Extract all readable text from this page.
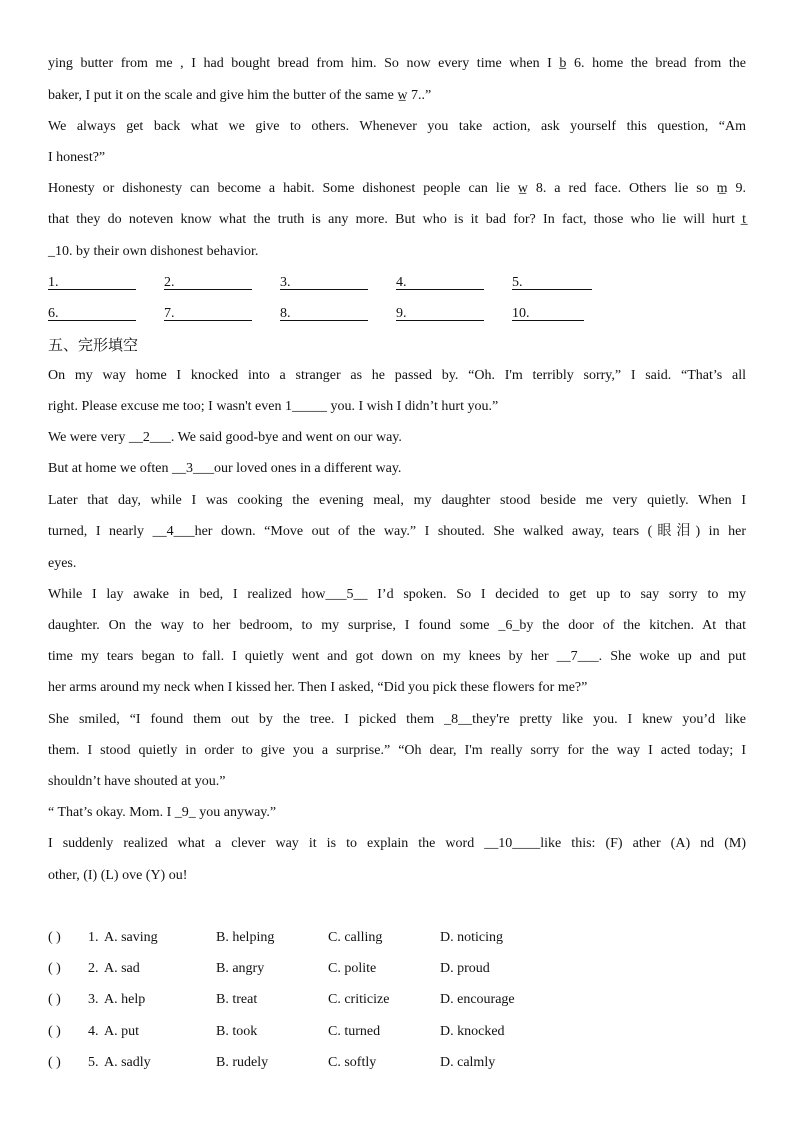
ying butter from me , I had bought bread from him. So now every time when I b̲ 6. home the bread from the
baker, I put it on the scale and give him the butter of the same w̲ 7..”
We always get back what we give to others. Whenever you take action, ask yourself this question, “Am
I honest?”
Honesty or dishonesty can become a habit. Some dishonest people can lie w̲ 8. a red face. Others lie so m̲ 9.
that they do noteven know what the truth is any more. But who is it bad for? In fact, those who lie will hurt t̲
_10. by their own dishonest behavior.
1.	2.	3.	4.	5.
6.	7.	8.	9.	10.
五、完形填空
On my way home I knocked into a stranger as he passed by. “Oh. I'm terribly sorry,” I said. “That’s all
right. Please excuse me too; I wasn't even 1_____ you. I wish I didn’t hurt you.”
We were very __2___. We said good-bye and went on our way.
But at home we often __3___our loved ones in a different way.
Later that day, while I was cooking the evening meal, my daughter stood beside me very quietly. When I
turned, I nearly __4___her down. “Move out of the way.” I shouted. She walked away, tears (眼泪) in her
eyes.
While I lay awake in bed, I realized how___5__ I’d spoken. So I decided to get up to say sorry to my
daughter. On the way to her bedroom, to my surprise, I found some _6_by the door of the kitchen. At that
time my tears began to fall. I quietly went and got down on my knees by her __7___. She woke up and put
her arms around my neck when I kissed her. Then I asked, “Did you pick these flowers for me?”
She smiled, “I found them out by the tree. I picked them _8__they're pretty like you. I knew you’d like
them. I stood quietly in order to give you a surprise.” “Oh dear, I'm really sorry for the way I acted today; I
shouldn’t have shouted at you.”
“ That’s okay. Mom. I _9_ you anyway.”
I suddenly realized what a clever way it is to explain the word __10____like this: (F) ather (A) nd (M)
other, (I) (L) ove (Y) ou!
( ) 1. A. saving	B. helping	C. calling	D. noticing
( ) 2. A. sad	B. angry	C. polite	D. proud
( ) 3. A. help	B. treat	C. criticize	D. encourage
( ) 4. A. put	B. took	C. turned	D. knocked
( ) 5. A. sadly	B. rudely	C. softly	D. calmly
